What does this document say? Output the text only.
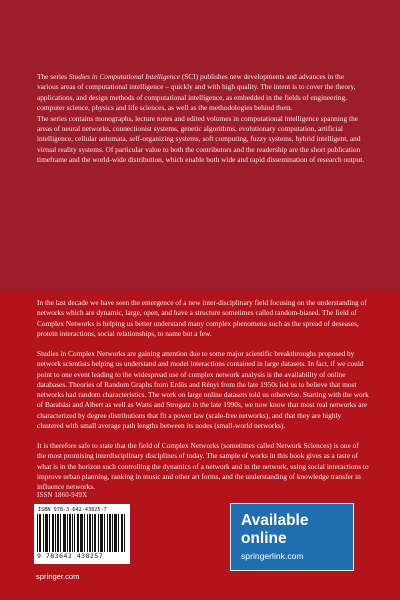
The series Studies in Computational Intelligence (SCI) publishes new developments and advances in the various areas of computational intelligence – quickly and with high quality. The intent is to cover the theory, applications, and design methods of computational intelligence, as embedded in the fields of engineering, computer science, physics and life sciences, as well as the methodologies behind them.

The series contains monographs, lecture notes and edited volumes in computational intelligence spanning the areas of neural networks, connectionist systems, genetic algorithms, evolutionary computation, artificial intelligence, cellular automata, self-organizing systems, soft computing, fuzzy systems, hybrid intelligent, and virtual reality systems. Of particular value to both the contributors and the readership are the short publication timeframe and the world-wide distribution, which enable both wide and rapid dissemination of research output.

In the last decade we have seen the emergence of a new inter-disciplinary field focusing on the understanding of networks which are dynamic, large, open, and have a structure sometimes called random-biased. The field of Complex Networks is helping us better understand many complex phenomena such as the spread of deseases, protein interactions, social relationships, to name but a few.

Studies in Complex Networks are gaining attention due to some major scientific breakthroughs proposed by network scientists helping us understand and model interactions contained in large datasets. In fact, if we could point to one event leading to the widespread use of complex network analysis is the availability of online databases. Theories of Random Graphs from Erdös and Rényi from the late 1950s led us to believe that most networks had random characteristics. The work on large online datasets told us otherwise. Starting with the work of Barabási and Albert as well as Watts and Strogatz in the late 1990s, we now know that most real networks are characterized by degree distributions that fit a power law (scale-free networks), and that they are highly clustered with small average path lengths between its nodes (small-world networks).

It is therefore safe to state that the field of Complex Networks (sometimes called Network Sciences) is one of the most promising interdisciplinary disciplines of today. The sample of works in this book gives as a taste of what is in the horizon such controlling the dynamics of a network and in the network, using social interactions to improve urban planning, ranking in music and other art forms, and the understanding of knowledge transfer in influence networks.

ISSN 1860-949X
ISBN 978-3-642-43825-7
9 783642 438257
springer.com
Available
online
springerlink.com
